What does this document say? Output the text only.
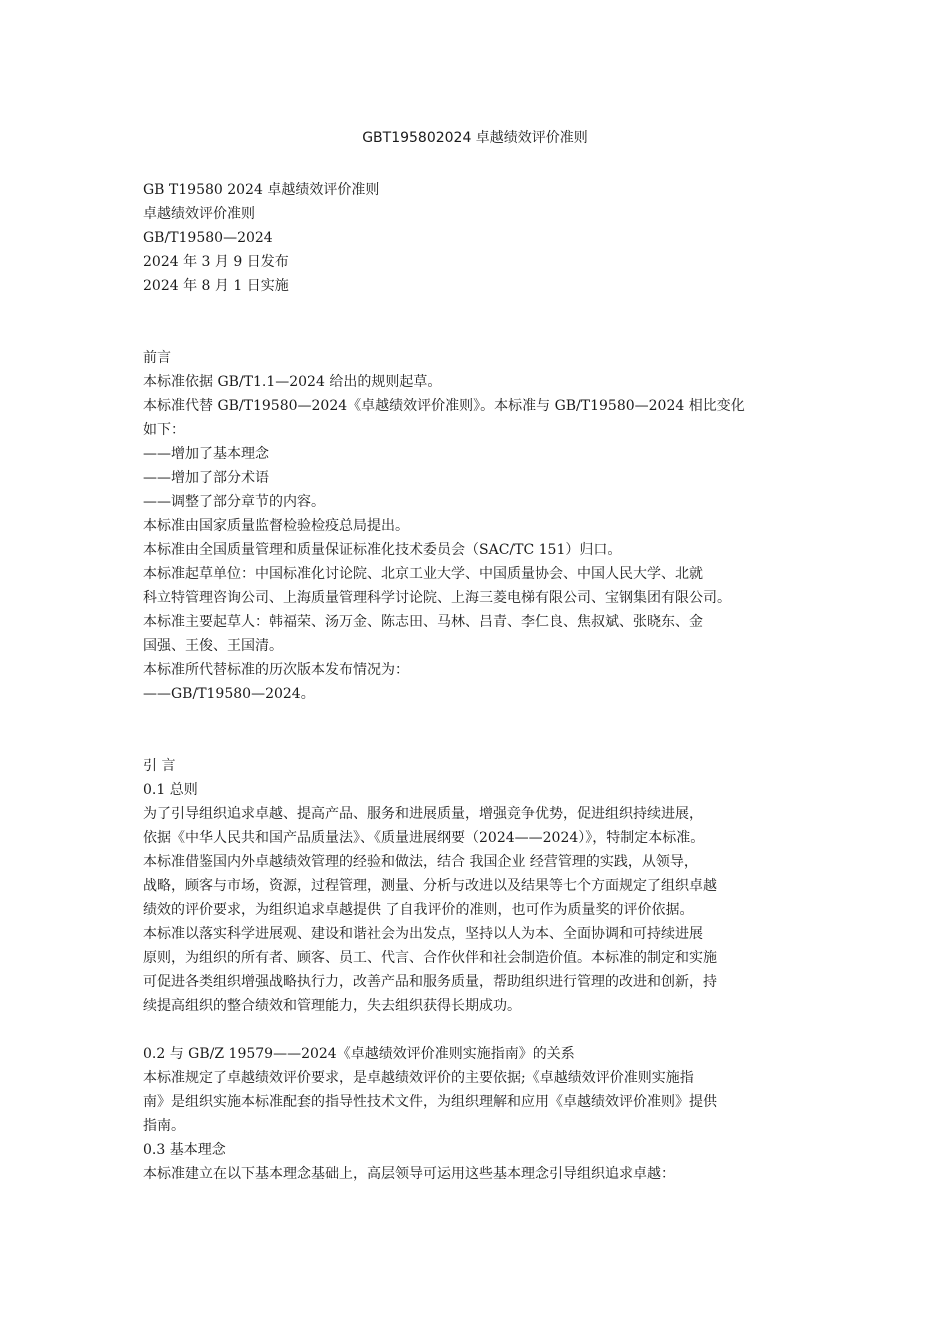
GBT195802024 卓越绩效评价准则

GB T19580 2024 卓越绩效评价准则

卓越绩效评价准则

GB/T19580—2024

2024 年 3 月 9 日发布

2024 年 8 月 1 日实施

前言

本标准依据 GB/T1.1—2024 给出的规则起草。

本标准代替 GB/T19580—2024《卓越绩效评价准则》。本标准与 GB/T19580—2024 相比变化

如下：

——增加了基本理念

——增加了部分术语

——调整了部分章节的内容。

本标准由国家质量监督检验检疫总局提出。

本标准由全国质量管理和质量保证标准化技术委员会（SAC/TC 151）归口。

本标准起草单位：中国标准化讨论院、北京工业大学、中国质量协会、中国人民大学、北就

科立特管理咨询公司、上海质量管理科学讨论院、上海三菱电梯有限公司、宝钢集团有限公司。

本标准主要起草人：韩福荣、汤万金、陈志田、马林、吕青、李仁良、焦叔斌、张晓东、金

国强、王俊、王国清。

本标准所代替标准的历次版本发布情况为：

——GB/T19580—2024。

引 言

0.1 总则

为了引导组织追求卓越、提高产品、服务和进展质量，增强竞争优势，促进组织持续进展，

依据《中华人民共和国产品质量法》、《质量进展纲要（2024——2024）》，特制定本标准。

本标准借鉴国内外卓越绩效管理的经验和做法，结合 我国企业 经营管理的实践，从领导，

战略，顾客与市场，资源，过程管理，测量、分析与改进以及结果等七个方面规定了组织卓越

绩效的评价要求，为组织追求卓越提供 了自我评价的准则，也可作为质量奖的评价依据。

本标准以落实科学进展观、建设和谐社会为出发点，坚持以人为本、全面协调和可持续进展

原则，为组织的所有者、顾客、员工、代言、合作伙伴和社会制造价值。本标准的制定和实施

可促进各类组织增强战略执行力，改善产品和服务质量，帮助组织进行管理的改进和创新，持

续提高组织的整合绩效和管理能力，失去组织获得长期成功。

0.2 与 GB/Z 19579——2024《卓越绩效评价准则实施指南》的关系

本标准规定了卓越绩效评价要求，是卓越绩效评价的主要依据;《卓越绩效评价准则实施指

南》是组织实施本标准配套的指导性技术文件，为组织理解和应用《卓越绩效评价准则》提供

指南。

0.3 基本理念

本标准建立在以下基本理念基础上，高层领导可运用这些基本理念引导组织追求卓越：
